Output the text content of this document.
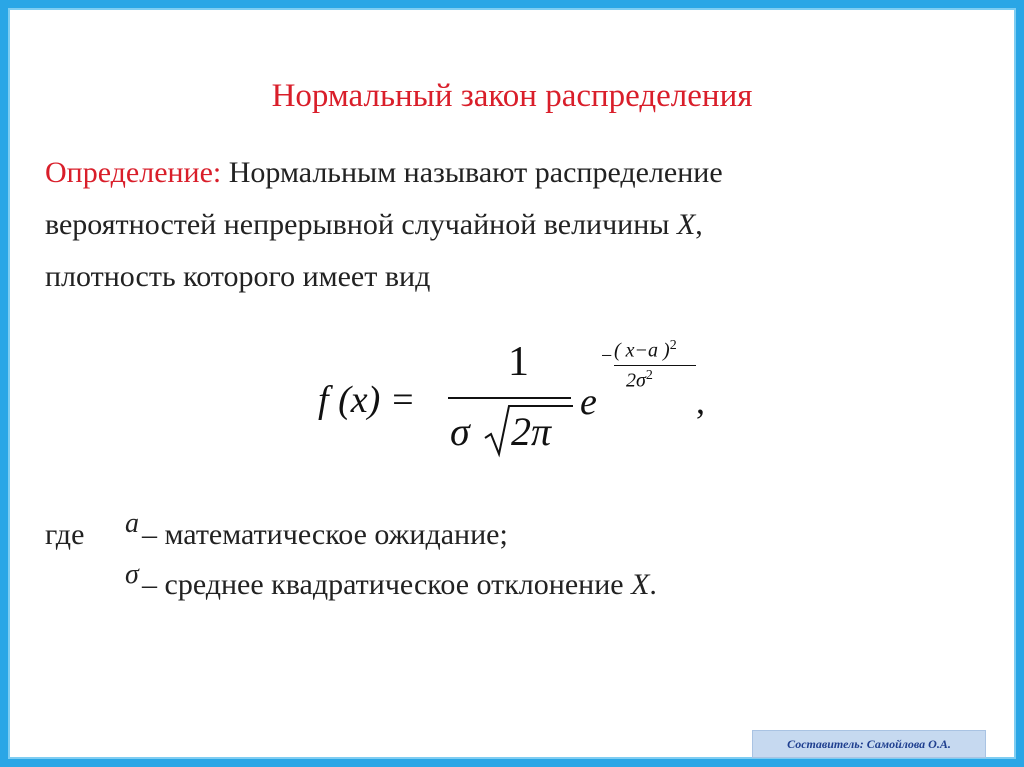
Нормальный закон распределения
Определение: Нормальным называют распределение
вероятностей непрерывной случайной величины X,
плотность которого имеет вид
f (x) =
1
σ 2π
e
− ( x−a )$^2$
$2\sigma^2$
,
где a – математическое ожидание;
σ – среднее квадратическое отклонение X.
Составитель: Самойлова О.А.
